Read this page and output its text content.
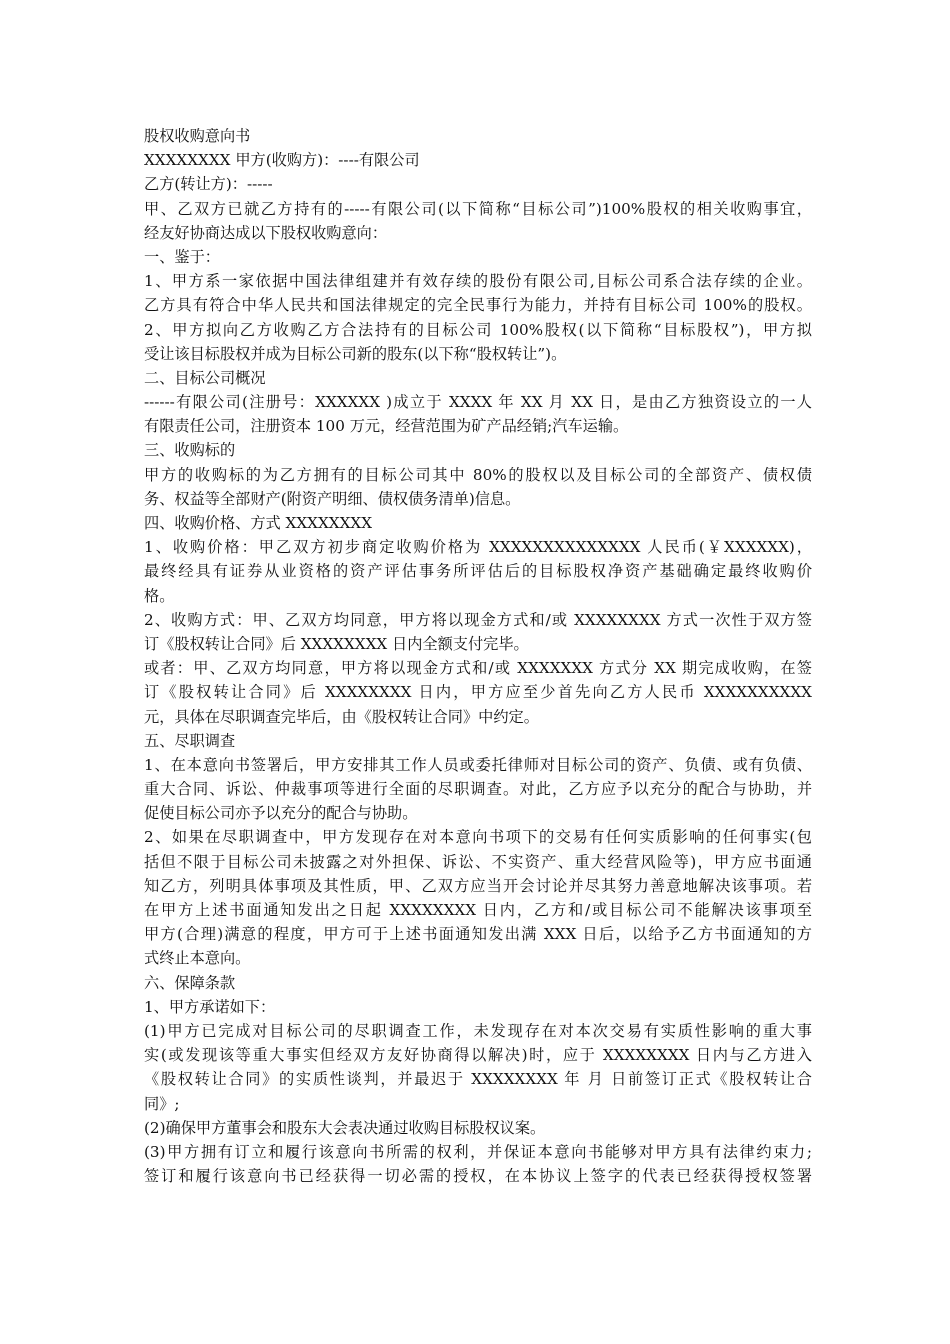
股权收购意向书
XXXXXXXX 甲方(收购方)：----有限公司
乙方(转让方)：-----
甲、乙双方已就乙方持有的-----有限公司(以下简称“目标公司”)100%股权的相关收购事宜，
经友好协商达成以下股权收购意向：
一、鉴于：
1、甲方系一家依据中国法律组建并有效存续的股份有限公司,目标公司系合法存续的企业。
乙方具有符合中华人民共和国法律规定的完全民事行为能力，并持有目标公司 100%的股权。
2、甲方拟向乙方收购乙方合法持有的目标公司 100%股权(以下简称“目标股权”)，甲方拟
受让该目标股权并成为目标公司新的股东(以下称“股权转让”)。
二、目标公司概况
------有限公司(注册号：XXXXXX )成立于 XXXX 年 XX 月 XX 日，是由乙方独资设立的一人
有限责任公司，注册资本 100 万元，经营范围为矿产品经销;汽车运输。
三、收购标的
甲方的收购标的为乙方拥有的目标公司其中 80%的股权以及目标公司的全部资产、债权债
务、权益等全部财产(附资产明细、债权债务清单)信息。
四、收购价格、方式 XXXXXXXX
1、收购价格：甲乙双方初步商定收购价格为 XXXXXXXXXXXXXX 人民币(￥XXXXXX)，
最终经具有证券从业资格的资产评估事务所评估后的目标股权净资产基础确定最终收购价
格。
2、收购方式：甲、乙双方均同意，甲方将以现金方式和/或 XXXXXXXX 方式一次性于双方签
订《股权转让合同》后 XXXXXXXX 日内全额支付完毕。
或者：甲、乙双方均同意，甲方将以现金方式和/或 XXXXXXX 方式分 XX 期完成收购，在签
订《股权转让合同》后 XXXXXXXX 日内，甲方应至少首先向乙方人民币 XXXXXXXXXX
元，具体在尽职调查完毕后，由《股权转让合同》中约定。
五、尽职调查
1、在本意向书签署后，甲方安排其工作人员或委托律师对目标公司的资产、负债、或有负债、
重大合同、诉讼、仲裁事项等进行全面的尽职调查。对此，乙方应予以充分的配合与协助，并
促使目标公司亦予以充分的配合与协助。
2、如果在尽职调查中，甲方发现存在对本意向书项下的交易有任何实质影响的任何事实(包
括但不限于目标公司未披露之对外担保、诉讼、不实资产、重大经营风险等)，甲方应书面通
知乙方，列明具体事项及其性质，甲、乙双方应当开会讨论并尽其努力善意地解决该事项。若
在甲方上述书面通知发出之日起 XXXXXXXX 日内，乙方和/或目标公司不能解决该事项至
甲方(合理)满意的程度，甲方可于上述书面通知发出满 XXX 日后，以给予乙方书面通知的方
式终止本意向。
六、保障条款
1、甲方承诺如下：
(1)甲方已完成对目标公司的尽职调查工作，未发现存在对本次交易有实质性影响的重大事
实(或发现该等重大事实但经双方友好协商得以解决)时，应于 XXXXXXXX 日内与乙方进入
《股权转让合同》的实质性谈判，并最迟于 XXXXXXXX 年 月 日前签订正式《股权转让合
同》;
(2)确保甲方董事会和股东大会表决通过收购目标股权议案。
(3)甲方拥有订立和履行该意向书所需的权利，并保证本意向书能够对甲方具有法律约束力;
签订和履行该意向书已经获得一切必需的授权，在本协议上签字的代表已经获得授权签署
